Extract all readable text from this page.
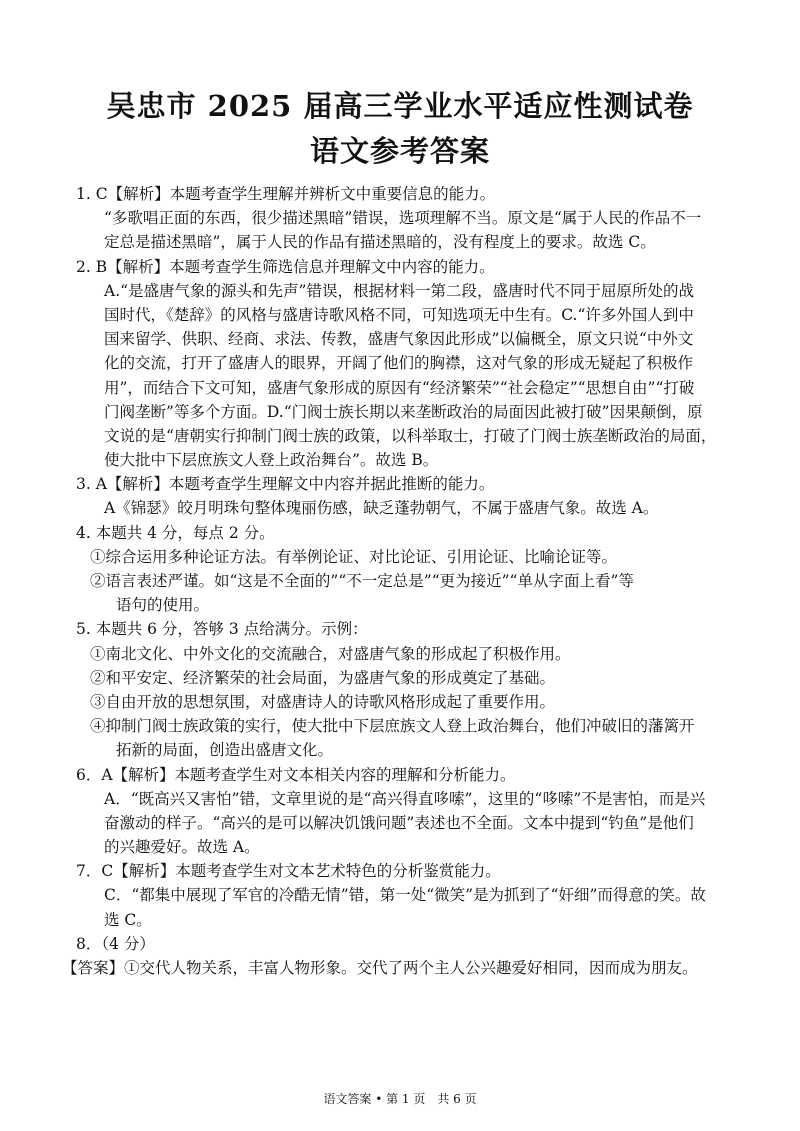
吴忠市 2025 届高三学业水平适应性测试卷
语文参考答案
1. C【解析】本题考查学生理解并辨析文中重要信息的能力。
“多歌唱正面的东西，很少描述黑暗”错误，选项理解不当。原文是“属于人民的作品不一
定总是描述黑暗”，属于人民的作品有描述黑暗的，没有程度上的要求。故选 C。
2. B【解析】本题考查学生筛选信息并理解文中内容的能力。
A.“是盛唐气象的源头和先声”错误，根据材料一第二段，盛唐时代不同于屈原所处的战
国时代，《楚辞》的风格与盛唐诗歌风格不同，可知选项无中生有。C.“许多外国人到中
国来留学、供职、经商、求法、传教，盛唐气象因此形成”以偏概全，原文只说“中外文
化的交流，打开了盛唐人的眼界，开阔了他们的胸襟，这对气象的形成无疑起了积极作
用”，而结合下文可知，盛唐气象形成的原因有“经济繁荣”“社会稳定”“思想自由”“打破
门阀垄断”等多个方面。D.“门阀士族长期以来垄断政治的局面因此被打破”因果颠倒，原
文说的是“唐朝实行抑制门阀士族的政策，以科举取士，打破了门阀士族垄断政治的局面，
使大批中下层庶族文人登上政治舞台”。故选 B。
3. A【解析】本题考查学生理解文中内容并据此推断的能力。
A《锦瑟》皎月明珠句整体瑰丽伤感，缺乏蓬勃朝气，不属于盛唐气象。故选 A。
4. 本题共 4 分，每点 2 分。
①综合运用多种论证方法。有举例论证、对比论证、引用论证、比喻论证等。
②语言表述严谨。如“这是不全面的”“不一定总是”“更为接近”“单从字面上看”等
语句的使用。
5. 本题共 6 分，答够 3 点给满分。示例：
①南北文化、中外文化的交流融合，对盛唐气象的形成起了积极作用。
②和平安定、经济繁荣的社会局面，为盛唐气象的形成奠定了基础。
③自由开放的思想氛围，对盛唐诗人的诗歌风格形成起了重要作用。
④抑制门阀士族政策的实行，使大批中下层庶族文人登上政治舞台，他们冲破旧的藩篱开
拓新的局面，创造出盛唐文化。
6．A【解析】本题考查学生对文本相关内容的理解和分析能力。
A．“既高兴又害怕”错，文章里说的是“高兴得直哆嗦”，这里的“哆嗦”不是害怕，而是兴
奋激动的样子。“高兴的是可以解决饥饿问题”表述也不全面。文本中提到“钓鱼”是他们
的兴趣爱好。故选 A。
7．C【解析】本题考查学生对文本艺术特色的分析鉴赏能力。
C．“都集中展现了军官的冷酷无情”错，第一处“微笑”是为抓到了“奸细”而得意的笑。故
选 C。
8．（4 分）
【答案】①交代人物关系，丰富人物形象。交代了两个主人公兴趣爱好相同，因而成为朋友。
语文答案 • 第 1 页　共 6 页
